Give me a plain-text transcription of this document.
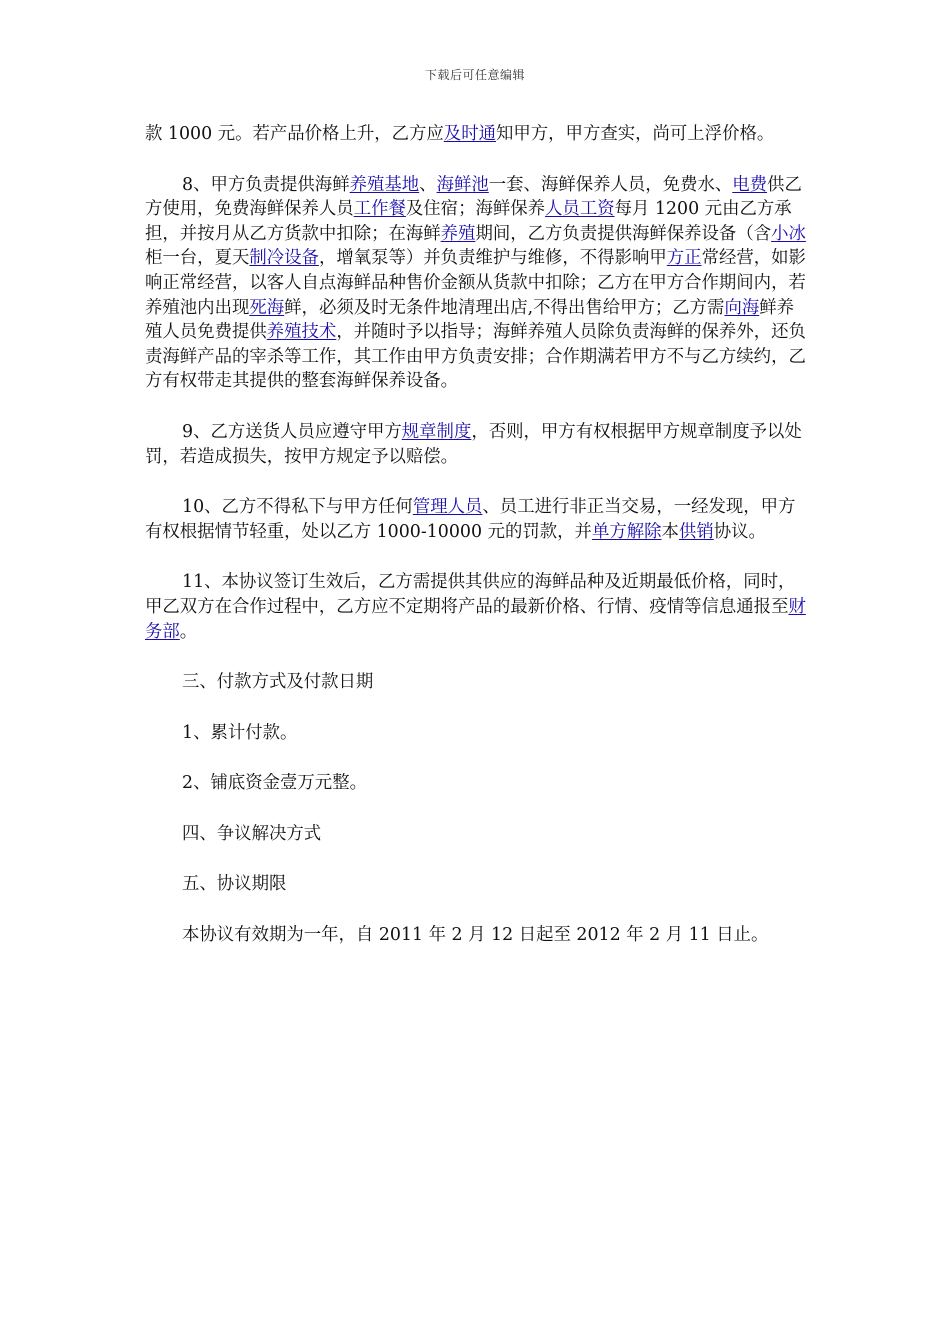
下载后可任意编辑

款 1000 元。若产品价格上升，乙方应及时通知甲方，甲方查实，尚可上浮价格。

8、甲方负责提供海鲜养殖基地、海鲜池一套、海鲜保养人员，免费水、电费供乙方使用，免费海鲜保养人员工作餐及住宿；海鲜保养人员工资每月 1200 元由乙方承担，并按月从乙方货款中扣除；在海鲜养殖期间，乙方负责提供海鲜保养设备（含小冰柜一台，夏天制冷设备，增氧泵等）并负责维护与维修，不得影响甲方正常经营，如影响正常经营，以客人自点海鲜品种售价金额从货款中扣除；乙方在甲方合作期间内，若养殖池内出现死海鲜，必须及时无条件地清理出店,不得出售给甲方；乙方需向海鲜养殖人员免费提供养殖技术，并随时予以指导；海鲜养殖人员除负责海鲜的保养外，还负责海鲜产品的宰杀等工作，其工作由甲方负责安排；合作期满若甲方不与乙方续约，乙方有权带走其提供的整套海鲜保养设备。

9、乙方送货人员应遵守甲方规章制度，否则，甲方有权根据甲方规章制度予以处罚，若造成损失，按甲方规定予以赔偿。

10、乙方不得私下与甲方任何管理人员、员工进行非正当交易，一经发现，甲方有权根据情节轻重，处以乙方 1000-10000 元的罚款，并单方解除本供销协议。

11、本协议签订生效后，乙方需提供其供应的海鲜品种及近期最低价格，同时，甲乙双方在合作过程中，乙方应不定期将产品的最新价格、行情、疫情等信息通报至财务部。

三、付款方式及付款日期

1、累计付款。

2、铺底资金壹万元整。

四、争议解决方式

五、协议期限

本协议有效期为一年，自 2011 年 2 月 12 日起至 2012 年 2 月 11 日止。
